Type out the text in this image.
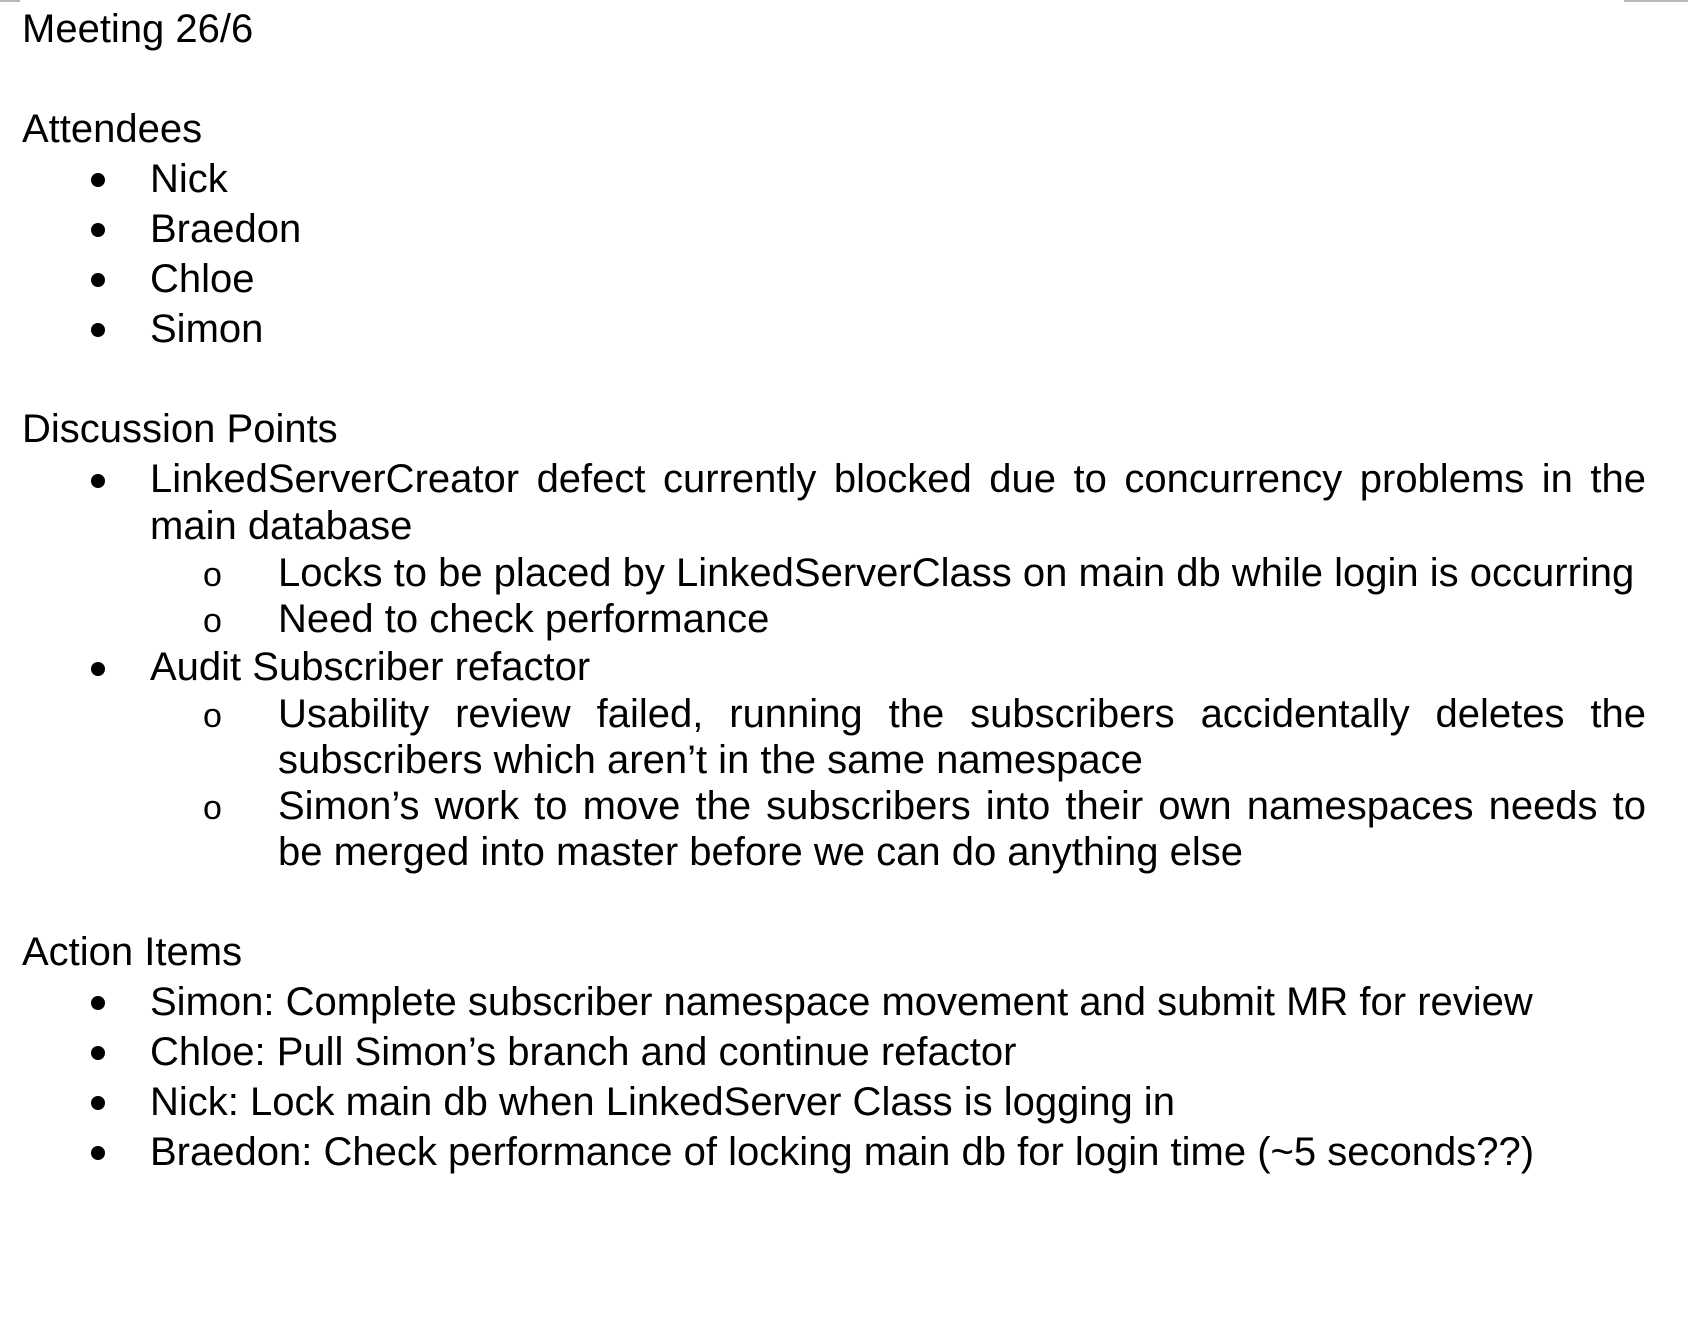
Meeting 26/6
Attendees
Nick
Braedon
Chloe
Simon
Discussion Points
LinkedServerCreator defect currently blocked due to concurrency problems in the main database
o Locks to be placed by LinkedServerClass on main db while login is occurring
o Need to check performance
Audit Subscriber refactor
o Usability review failed, running the subscribers accidentally deletes the subscribers which aren’t in the same namespace
o Simon’s work to move the subscribers into their own namespaces needs to be merged into master before we can do anything else
Action Items
Simon: Complete subscriber namespace movement and submit MR for review
Chloe: Pull Simon’s branch and continue refactor
Nick: Lock main db when LinkedServer Class is logging in
Braedon: Check performance of locking main db for login time (~5 seconds??)
